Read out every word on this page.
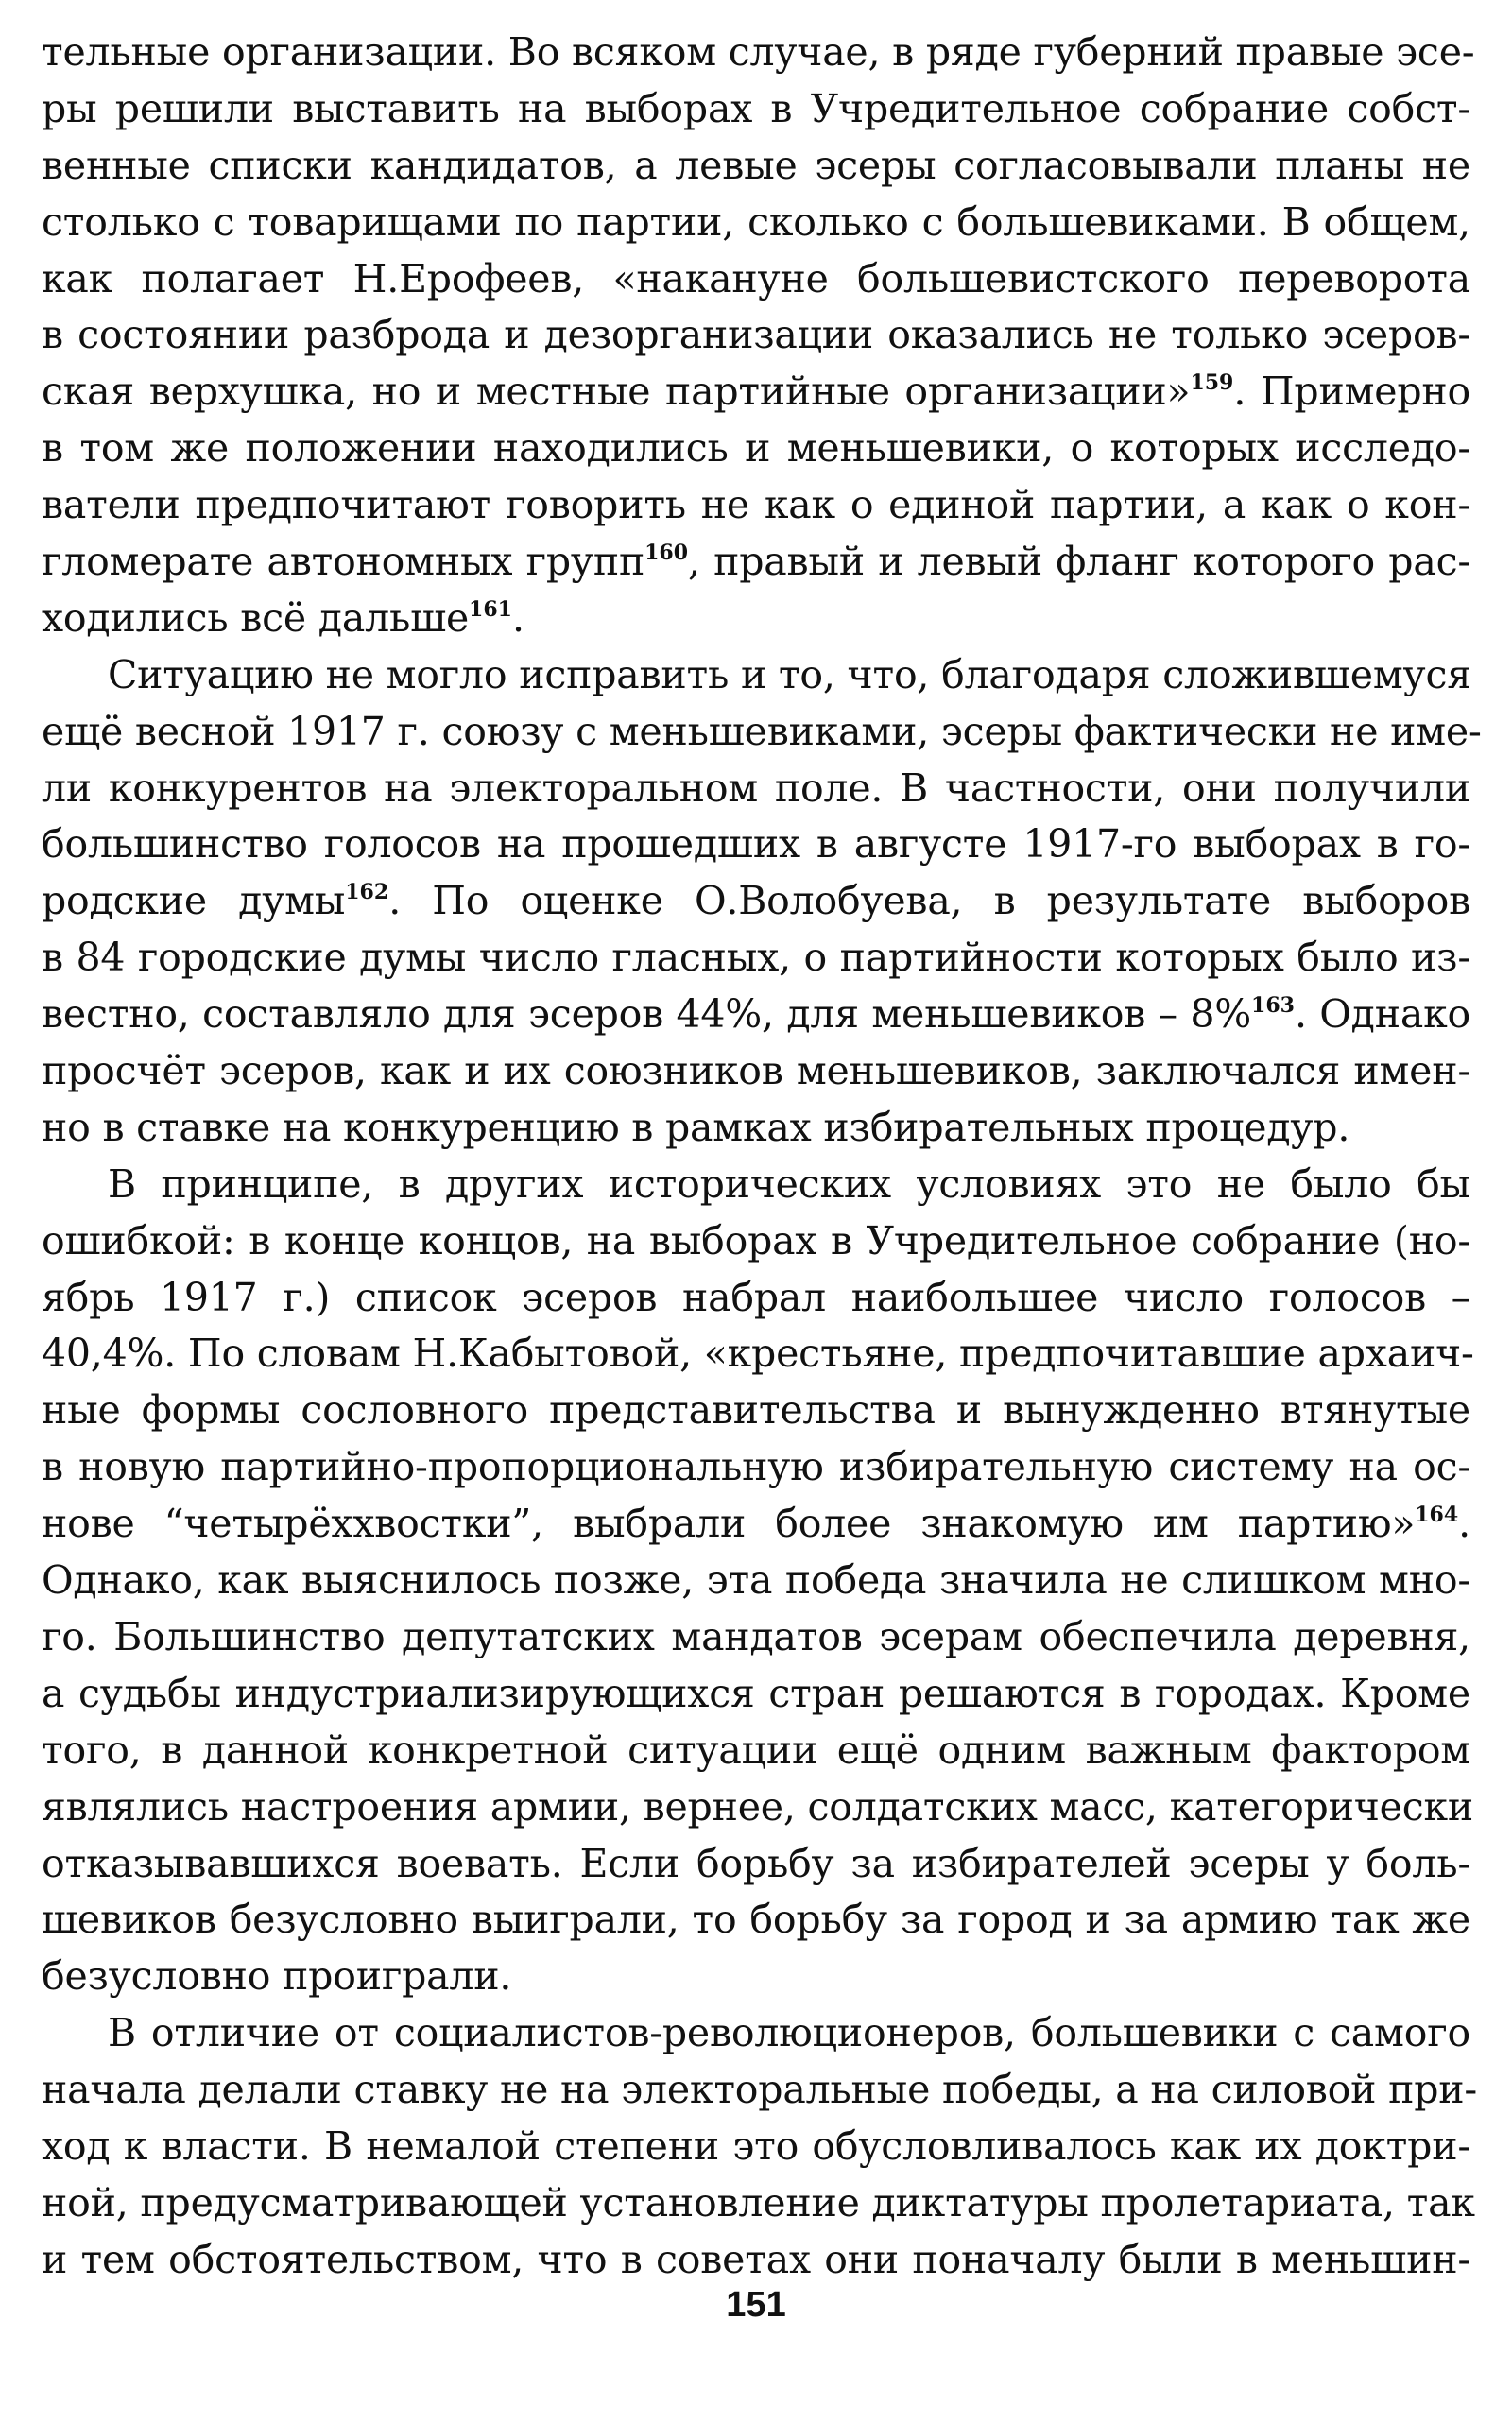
тельные организации. Во всяком случае, в ряде губерний правые эсе-
ры решили выставить на выборах в Учредительное собрание собст-
венные списки кандидатов, а левые эсеры согласовывали планы не
столько с товарищами по партии, сколько с большевиками. В общем,
как полагает Н.Ерофеев, «накануне большевистского переворота
в состоянии разброда и дезорганизации оказались не только эсеров-
ская верхушка, но и местные партийные организации»$^{159}$. Примерно
в том же положении находились и меньшевики, о которых исследо-
ватели предпочитают говорить не как о единой партии, а как о кон-
гломерате автономных групп$^{160}$, правый и левый фланг которого рас-
ходились всё дальше$^{161}$.
Ситуацию не могло исправить и то, что, благодаря сложившемуся
ещё весной 1917 г. союзу с меньшевиками, эсеры фактически не име-
ли конкурентов на электоральном поле. В частности, они получили
большинство голосов на прошедших в августе 1917-го выборах в го-
родские думы$^{162}$. По оценке О.Волобуева, в результате выборов
в 84 городские думы число гласных, о партийности которых было из-
вестно, составляло для эсеров 44%, для меньшевиков – 8%$^{163}$. Однако
просчёт эсеров, как и их союзников меньшевиков, заключался имен-
но в ставке на конкуренцию в рамках избирательных процедур.
В принципе, в других исторических условиях это не было бы
ошибкой: в конце концов, на выборах в Учредительное собрание (но-
ябрь 1917 г.) список эсеров набрал наибольшее число голосов –
40,4%. По словам Н.Кабытовой, «крестьяне, предпочитавшие архаич-
ные формы сословного представительства и вынужденно втянутые
в новую партийно-пропорциональную избирательную систему на ос-
нове “четырёххвостки”, выбрали более знакомую им партию»$^{164}$.
Однако, как выяснилось позже, эта победа значила не слишком мно-
го. Большинство депутатских мандатов эсерам обеспечила деревня,
а судьбы индустриализирующихся стран решаются в городах. Кроме
того, в данной конкретной ситуации ещё одним важным фактором
являлись настроения армии, вернее, солдатских масс, категорически
отказывавшихся воевать. Если борьбу за избирателей эсеры у боль-
шевиков безусловно выиграли, то борьбу за город и за армию так же
безусловно проиграли.
В отличие от социалистов-революционеров, большевики с самого
начала делали ставку не на электоральные победы, а на силовой при-
ход к власти. В немалой степени это обусловливалось как их доктри-
ной, предусматривающей установление диктатуры пролетариата, так
и тем обстоятельством, что в советах они поначалу были в меньшин-
151
